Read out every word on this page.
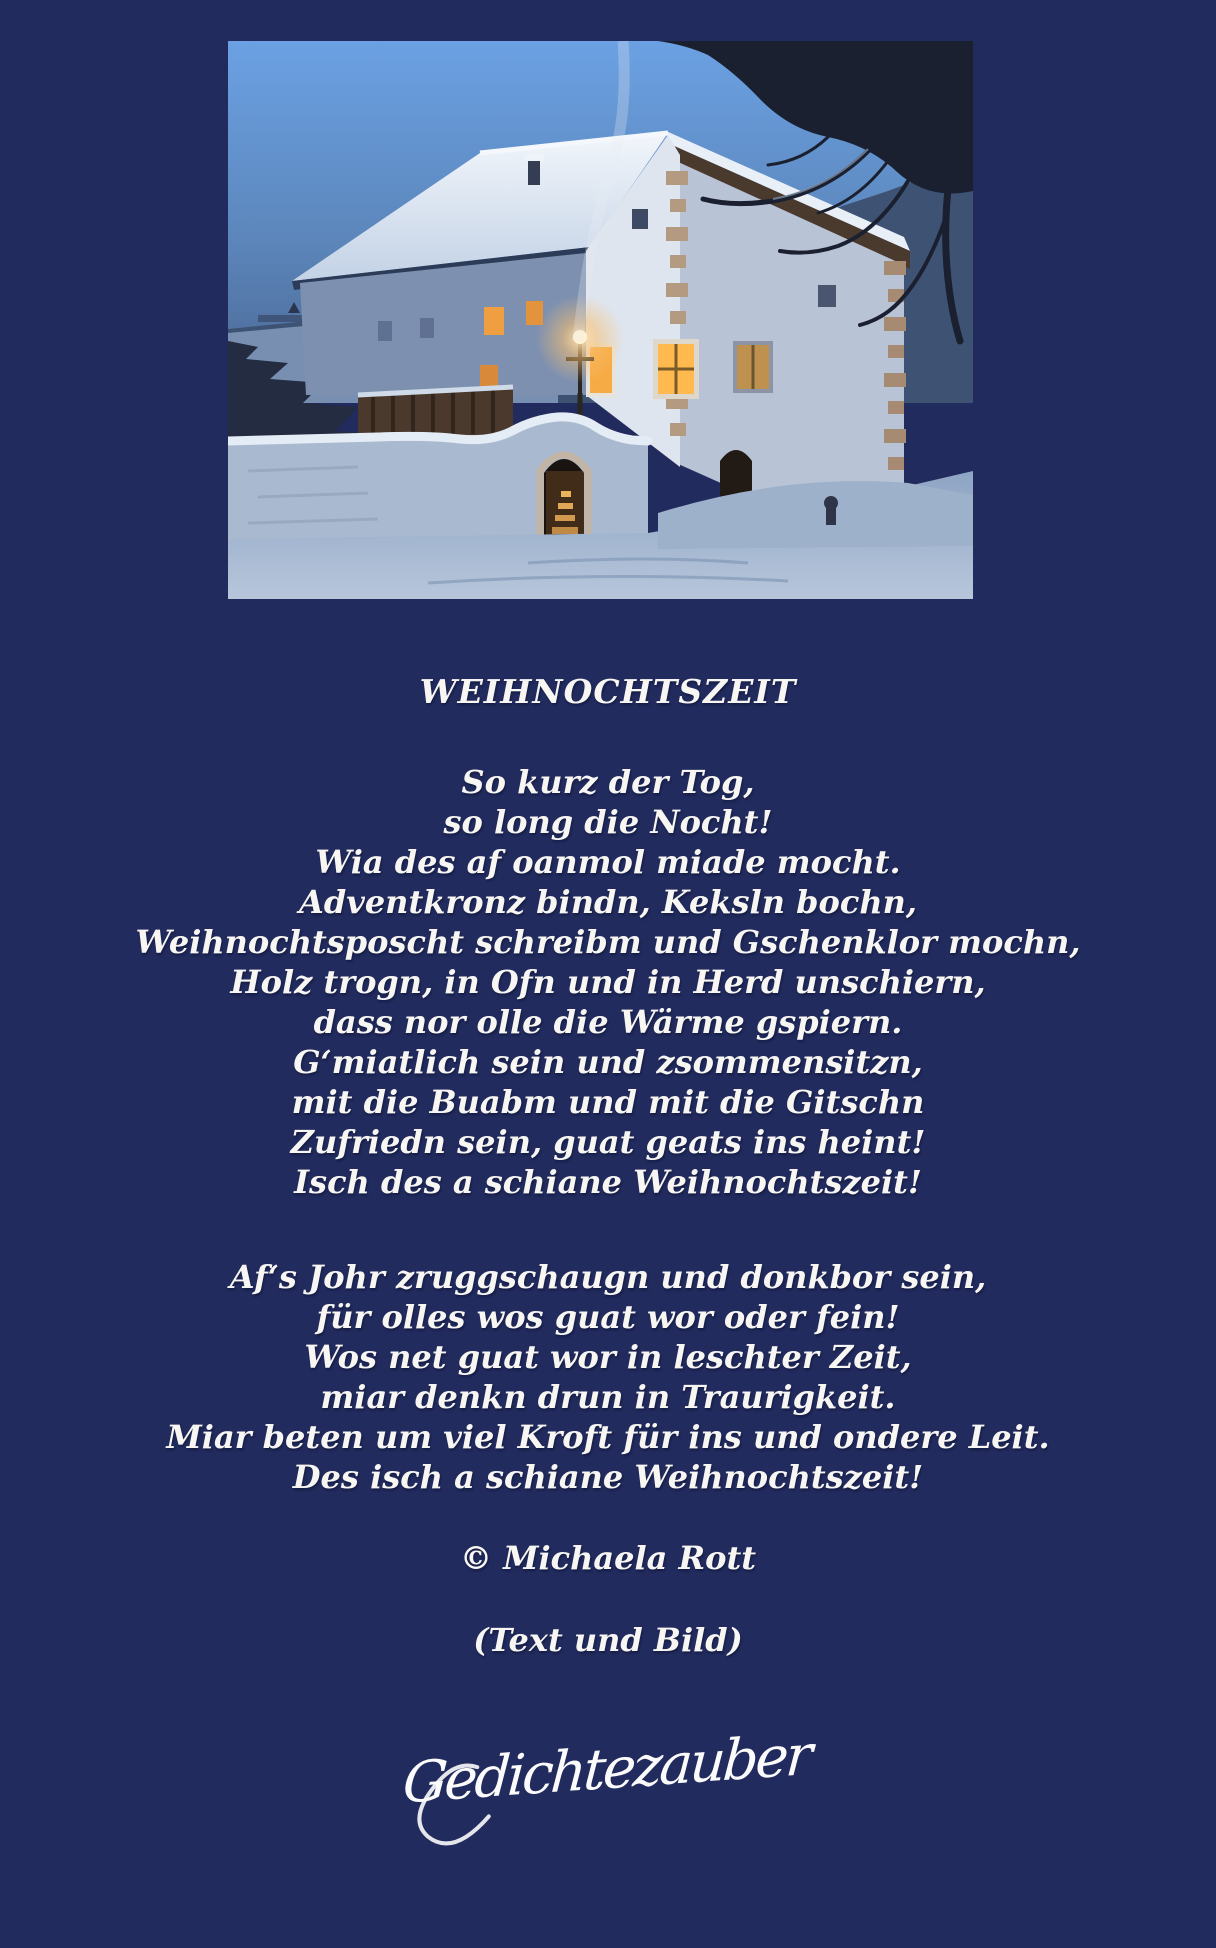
WEIHNOCHTSZEIT
So kurz der Tog,
so long die Nocht!
Wia des af oanmol miade mocht.
Adventkronz bindn, Keksln bochn,
Weihnochtsposcht schreibm und Gschenklor mochn,
Holz trogn, in Ofn und in Herd unschiern,
dass nor olle die Wärme gspiern.
G‘miatlich sein und zsommensitzn,
mit die Buabm und mit die Gitschn
Zufriedn sein, guat geats ins heint!
Isch des a schiane Weihnochtszeit!
Af‘s Johr zruggschaugn und donkbor sein,
für olles wos guat wor oder fein!
Wos net guat wor in leschter Zeit,
miar denkn drun in Traurigkeit.
Miar beten um viel Kroft für ins und ondere Leit.
Des isch a schiane Weihnochtszeit!
© Michaela Rott
(Text und Bild)
Gedichtezauber
